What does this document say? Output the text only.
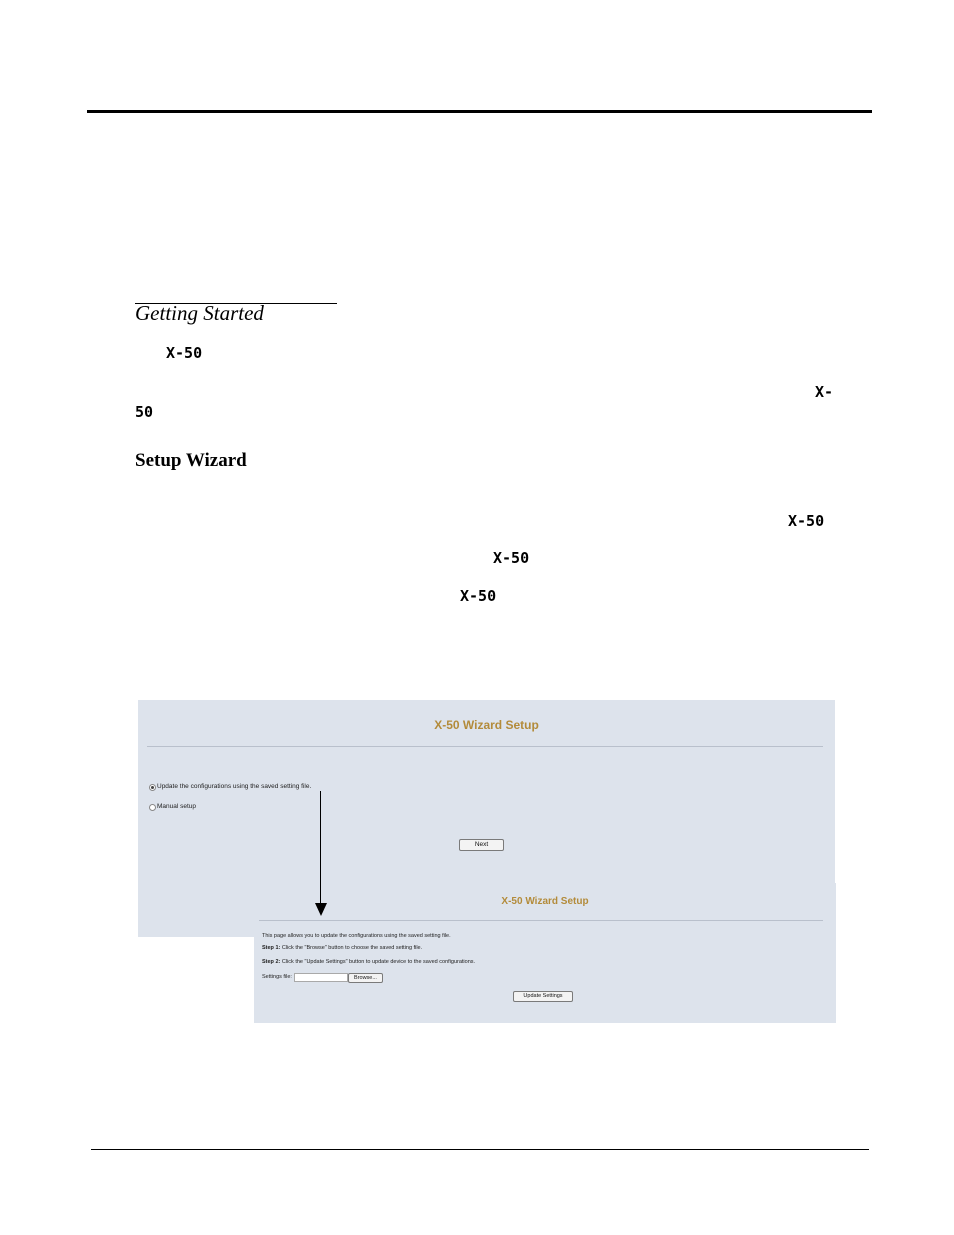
Getting Started
X-50
X-
50
Setup Wizard
X-50
X-50
X-50
X-50 Wizard Setup
Update the configurations using the saved setting file.
Manual setup
Next
X-50 Wizard Setup
This page allows you to update the configurations using the saved setting file.
Step 1: Click the "Browse" button to choose the saved setting file.
Step 2: Click the "Update Settings" button to update device to the saved configurations.
Settings file:	Browse...
Update Settings
